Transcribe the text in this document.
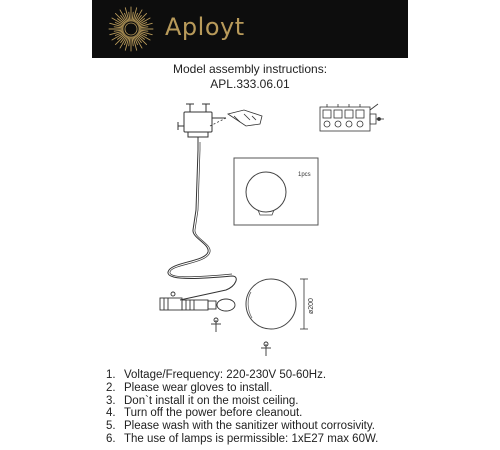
Aployt
Model assembly instructions:
APL.333.06.01
ø200
1pcs
1. Voltage/Frequency: 220-230V 50-60Hz.
2. Please wear gloves to install.
3. Don`t install it on the moist ceiling.
4. Turn off the power before cleanout.
5. Please wash with the sanitizer without corrosivity.
6. The use of lamps is permissible: 1xE27 max 60W.
